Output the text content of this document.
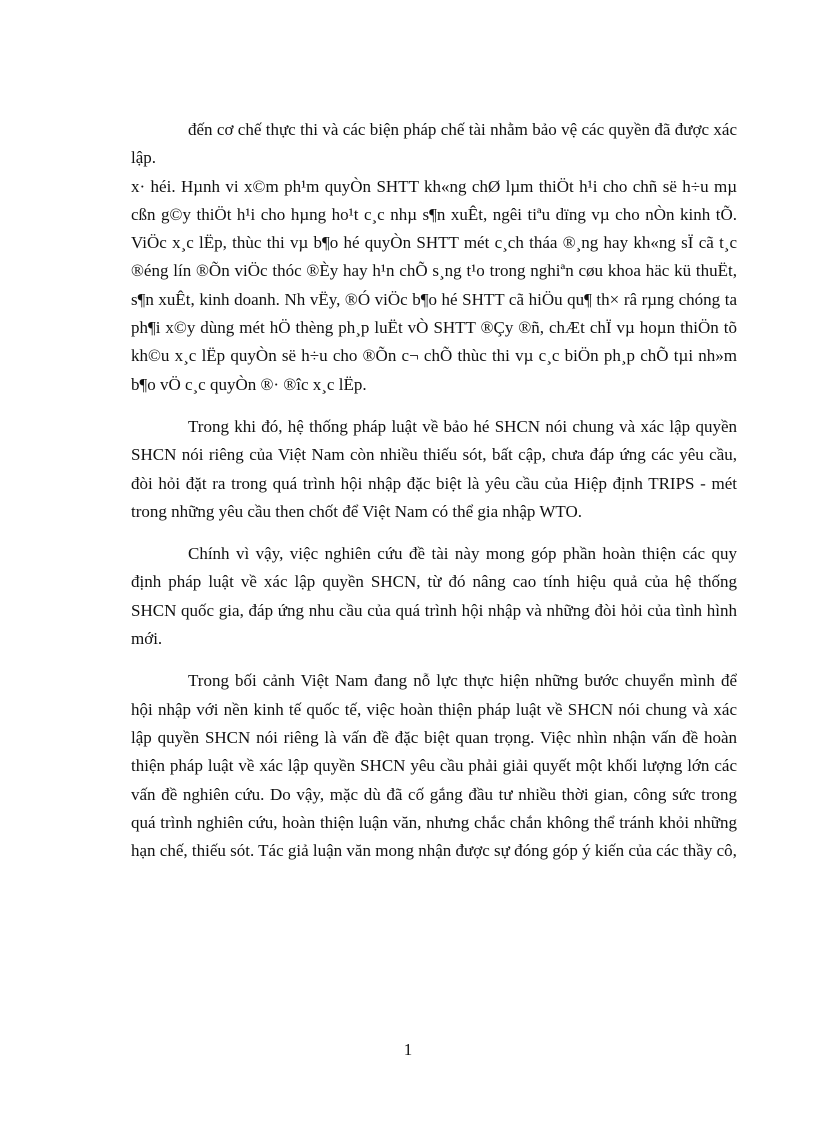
đến cơ chế thực thi và các biện pháp chế tài nhằm bảo vệ các quyền đã được xác lập.

x· héi. Hµnh vi x©m ph¹m quyÒn SHTT kh«ng chØ lµm thiÖt h¹i cho chñ së h÷u mµ cßn g©y thiÖt h¹i cho hµng ho¹t c¸c nhµ s¶n xuÊt, ngêi tiªu dïng vµ cho nÒn kinh tÕ. ViÖc x¸c lËp, thùc thi vµ b¶o hé quyÒn SHTT mét c¸ch tháa ®¸ng hay kh«ng sÏ cã t¸c ®éng lín ®Õn viÖc thóc ®Èy hay h¹n chÕ s¸ng t¹o trong nghiªn cøu khoa häc kü thuËt, s¶n xuÊt, kinh doanh. Nh vËy, ®Ó viÖc b¶o hé SHTT cã hiÖu qu¶ th× râ rµng chóng ta ph¶i x©y dùng mét hÖ thèng ph¸p luËt vÒ SHTT ®Çy ®ñ, chÆt chÏ vµ hoµn thiÖn tõ kh©u x¸c lËp quyÒn së h÷u cho ®Õn c¬ chÕ thùc thi vµ c¸c biÖn ph¸p chÕ tµi nh»m b¶o vÖ c¸c quyÒn ®· ®îc x¸c lËp.

Trong khi đó, hệ thống pháp luật về bảo hé SHCN nói chung và xác lập quyền SHCN nói riêng của Việt Nam còn nhiều thiếu sót, bất cập, chưa đáp ứng các yêu cầu, đòi hỏi đặt ra trong quá trình hội nhập đặc biệt là yêu cầu của Hiệp định TRIPS - mét trong những yêu cầu then chốt để Việt Nam có thể gia nhập WTO.

Chính vì vậy, việc nghiên cứu đề tài này mong góp phần hoàn thiện các quy định pháp luật về xác lập quyền SHCN, từ đó nâng cao tính hiệu quả của hệ thống SHCN quốc gia, đáp ứng nhu cầu của quá trình hội nhập và những đòi hỏi của tình hình mới.

Trong bối cảnh Việt Nam đang nỗ lực thực hiện những bước chuyển mình để hội nhập với nền kinh tế quốc tế, việc hoàn thiện pháp luật về SHCN nói chung và xác lập quyền SHCN nói riêng là vấn đề đặc biệt quan trọng. Việc nhìn nhận vấn đề hoàn thiện pháp luật về xác lập quyền SHCN yêu cầu phải giải quyết một khối lượng lớn các vấn đề nghiên cứu. Do vậy, mặc dù đã cố gắng đầu tư nhiều thời gian, công sức trong quá trình nghiên cứu, hoàn thiện luận văn, nhưng chắc chắn không thể tránh khỏi những hạn chế, thiếu sót. Tác giả luận văn mong nhận được sự đóng góp ý kiến của các thầy cô,

1
